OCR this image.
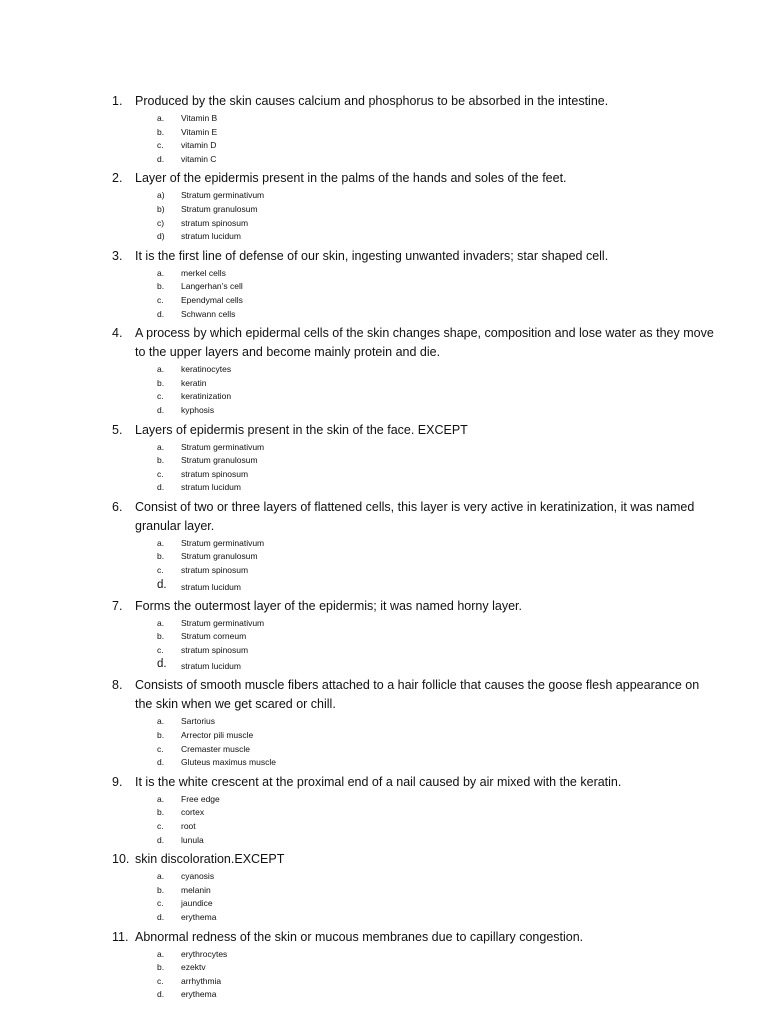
1.	Produced by the skin causes calcium and phosphorus to be absorbed in the intestine.
a. Vitamin B
b. Vitamin E
c. vitamin D
d. vitamin C
2.	Layer of the epidermis present in the palms of the hands and soles of the feet.
a) Stratum germinativum
b) Stratum granulosum
c) stratum spinosum
d) stratum lucidum
3.	It is the first line of defense of our skin, ingesting unwanted invaders; star shaped cell.
a. merkel cells
b. Langerhan’s cell
c. Ependymal cells
d. Schwann cells
4.	A process by which epidermal cells of the skin changes shape, composition and lose water as they move to the upper layers and become mainly protein and die.
a. keratinocytes
b. keratin
c. keratinization
d. kyphosis
5.	Layers of epidermis present in the skin of the face. EXCEPT
a. Stratum germinativum
b. Stratum granulosum
c. stratum spinosum
d. stratum lucidum
6.	Consist of two or three layers of flattened cells, this layer is very active in keratinization, it was named granular layer.
a. Stratum germinativum
b. Stratum granulosum
c. stratum spinosum
d. stratum lucidum
7.	Forms the outermost layer of the epidermis; it was named horny layer.
a. Stratum germinativum
b. Stratum corneum
c. stratum spinosum
d. stratum lucidum
8.	Consists of smooth muscle fibers attached to a hair follicle that causes the goose flesh appearance on the skin when we get scared or chill.
a. Sartorius
b. Arrector pili muscle
c. Cremaster muscle
d. Gluteus maximus muscle
9.	It is the white crescent at the proximal end of a nail caused by air mixed with the keratin.
a. Free edge
b. cortex
c. root
d. lunula
10. skin discoloration.EXCEPT
a. cyanosis
b. melanin
c. jaundice
d. erythema
11. Abnormal redness of the skin or mucous membranes due to capillary congestion.
a. erythrocytes
b. ezektv
c. arrhythmia
d. erythema
